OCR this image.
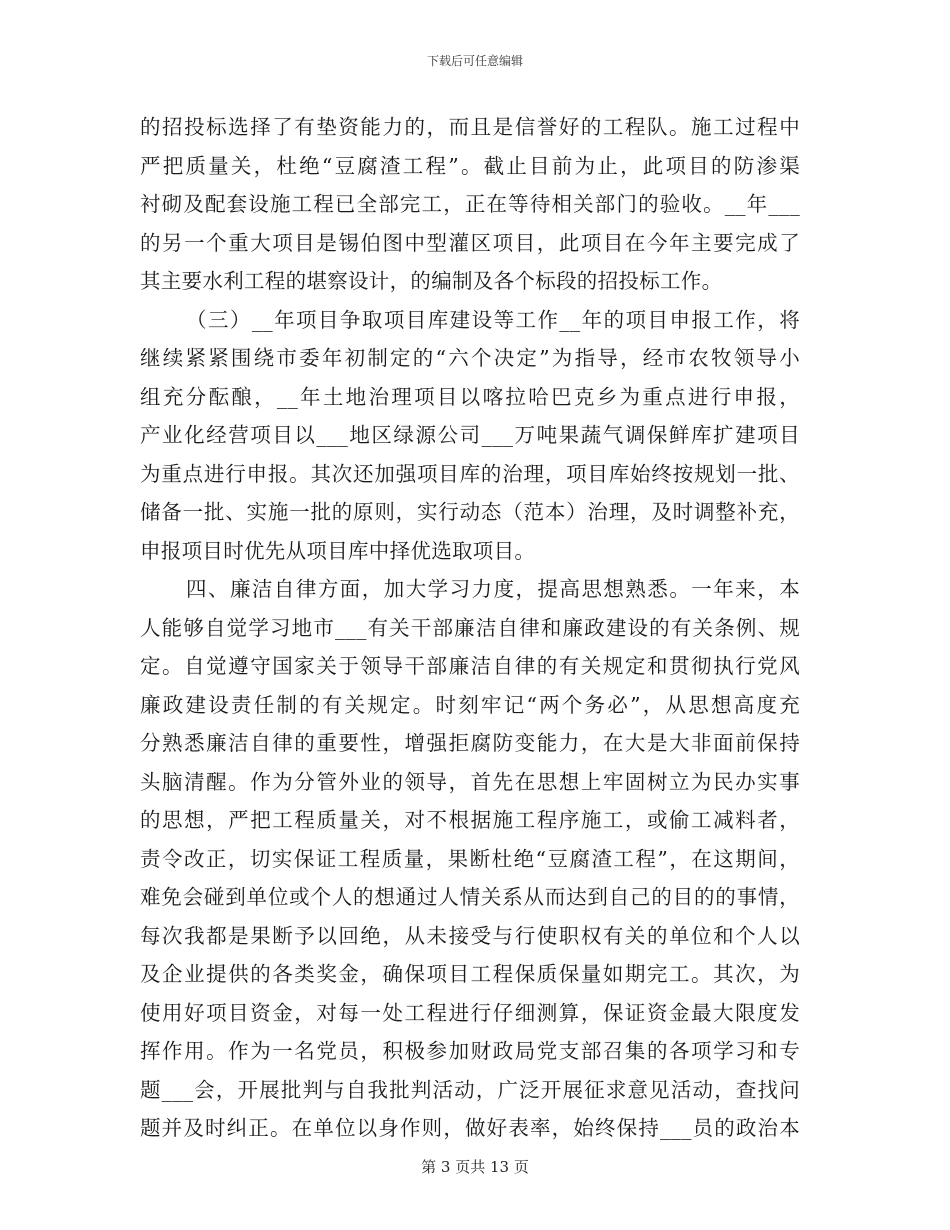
下载后可任意编辑
的招投标选择了有垫资能力的，而且是信誉好的工程队。施工过程中
严把质量关，杜绝“豆腐渣工程”。截止目前为止，此项目的防渗渠
衬砌及配套设施工程已全部完工，正在等待相关部门的验收。__年___
的另一个重大项目是锡伯图中型灌区项目，此项目在今年主要完成了
其主要水利工程的堪察设计，的编制及各个标段的招投标工作。
（三）__年项目争取项目库建设等工作__年的项目申报工作，将
继续紧紧围绕市委年初制定的“六个决定”为指导，经市农牧领导小
组充分酝酿，__年土地治理项目以喀拉哈巴克乡为重点进行申报，
产业化经营项目以___地区绿源公司___万吨果蔬气调保鲜库扩建项目
为重点进行申报。其次还加强项目库的治理，项目库始终按规划一批、
储备一批、实施一批的原则，实行动态（范本）治理，及时调整补充，
申报项目时优先从项目库中择优选取项目。
四、廉洁自律方面，加大学习力度，提高思想熟悉。一年来，本
人能够自觉学习地市___有关干部廉洁自律和廉政建设的有关条例、规
定。自觉遵守国家关于领导干部廉洁自律的有关规定和贯彻执行党风
廉政建设责任制的有关规定。时刻牢记“两个务必”，从思想高度充
分熟悉廉洁自律的重要性，增强拒腐防变能力，在大是大非面前保持
头脑清醒。作为分管外业的领导，首先在思想上牢固树立为民办实事
的思想，严把工程质量关，对不根据施工程序施工，或偷工减料者，
责令改正，切实保证工程质量，果断杜绝“豆腐渣工程”，在这期间，
难免会碰到单位或个人的想通过人情关系从而达到自己的目的的事情，
每次我都是果断予以回绝，从未接受与行使职权有关的单位和个人以
及企业提供的各类奖金，确保项目工程保质保量如期完工。其次，为
使用好项目资金，对每一处工程进行仔细测算，保证资金最大限度发
挥作用。作为一名党员，积极参加财政局党支部召集的各项学习和专
题___会，开展批判与自我批判活动，广泛开展征求意见活动，查找问
题并及时纠正。在单位以身作则，做好表率，始终保持___员的政治本
第 3 页共 13 页
